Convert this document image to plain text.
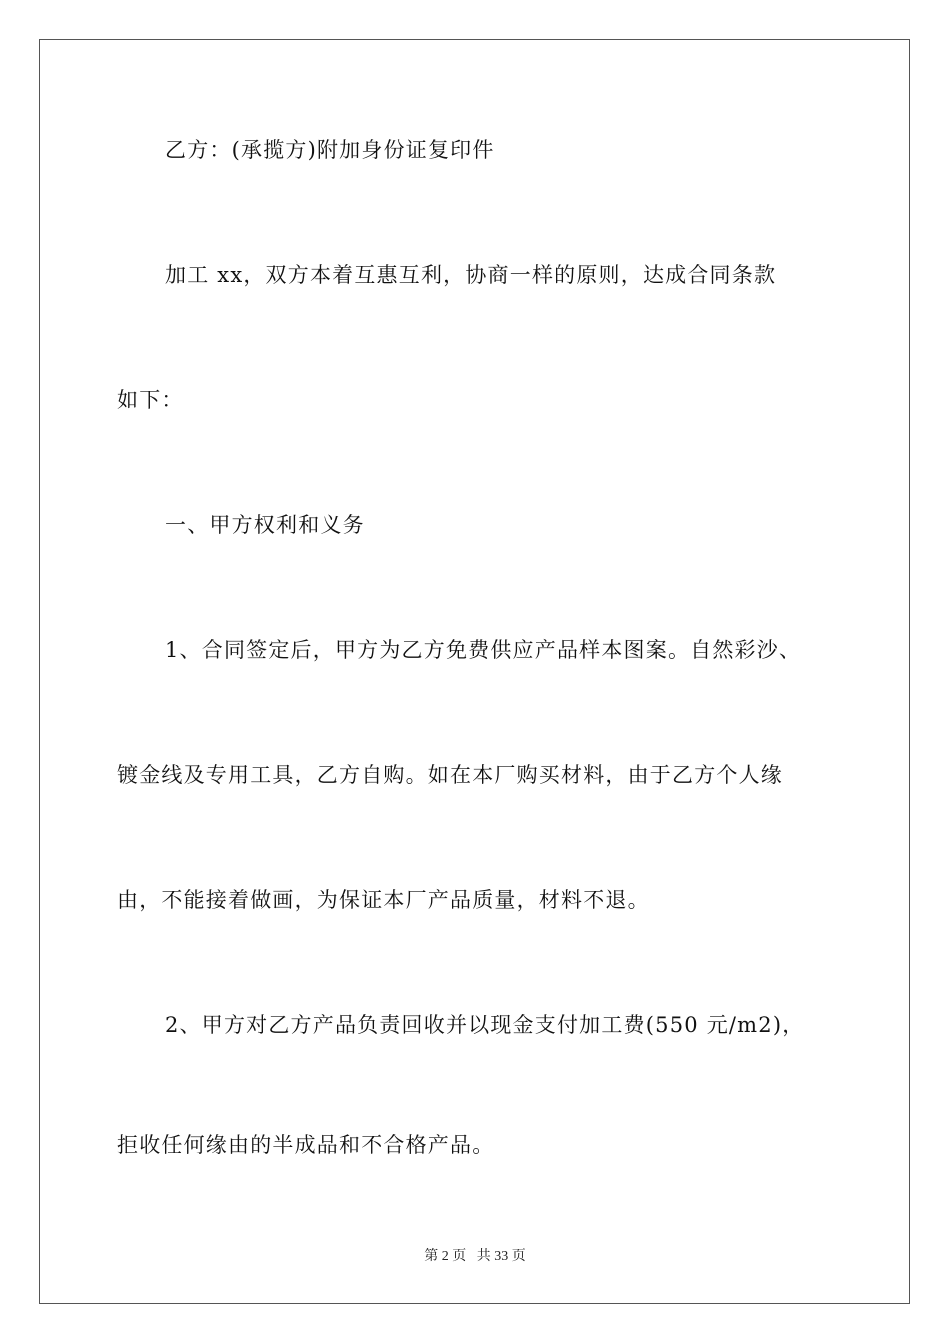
乙方：(承揽方)附加身份证复印件
加工 xx，双方本着互惠互利，协商一样的原则，达成合同条款
如下：
一、甲方权利和义务
1、合同签定后，甲方为乙方免费供应产品样本图案。自然彩沙、
镀金线及专用工具，乙方自购。如在本厂购买材料，由于乙方个人缘
由，不能接着做画，为保证本厂产品质量，材料不退。
2、甲方对乙方产品负责回收并以现金支付加工费(550 元/m2)，
拒收任何缘由的半成品和不合格产品。
第 2 页   共 33 页
